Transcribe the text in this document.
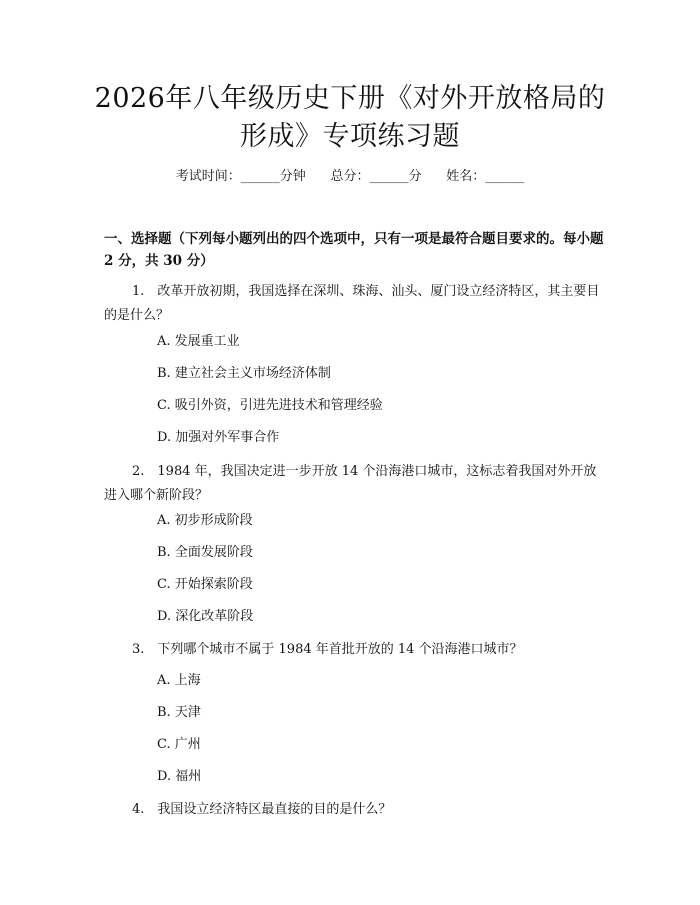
2026年八年级历史下册《对外开放格局的形成》专项练习题
考试时间：______分钟      总分：______分      姓名：______
一、选择题（下列每小题列出的四个选项中，只有一项是最符合题目要求的。每小题 2 分，共 30 分）
1.　改革开放初期，我国选择在深圳、珠海、汕头、厦门设立经济特区，其主要目的是什么？
A. 发展重工业
B. 建立社会主义市场经济体制
C. 吸引外资，引进先进技术和管理经验
D. 加强对外军事合作
2.　1984 年，我国决定进一步开放 14 个沿海港口城市，这标志着我国对外开放进入哪个新阶段？
A. 初步形成阶段
B. 全面发展阶段
C. 开始探索阶段
D. 深化改革阶段
3.　下列哪个城市不属于 1984 年首批开放的 14 个沿海港口城市？
A. 上海
B. 天津
C. 广州
D. 福州
4.　我国设立经济特区最直接的目的是什么？
